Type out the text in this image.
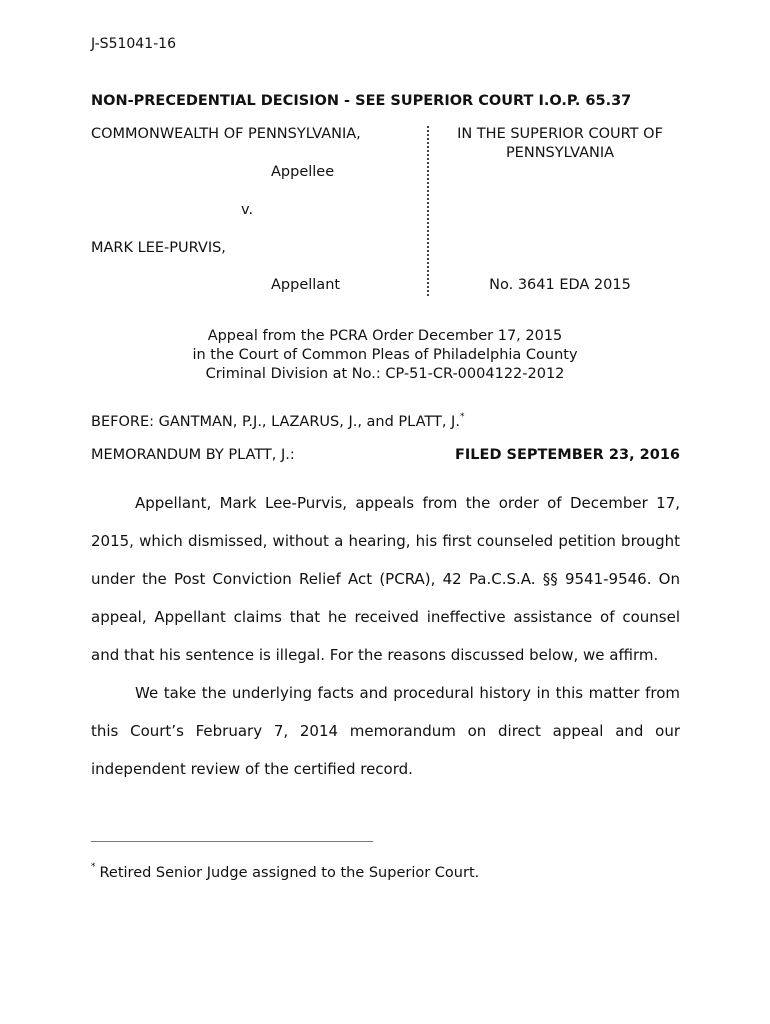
J-S51041-16
NON-PRECEDENTIAL DECISION - SEE SUPERIOR COURT I.O.P. 65.37
COMMONWEALTH OF PENNSYLVANIA,
Appellee
v.
MARK LEE-PURVIS,
Appellant
IN THE SUPERIOR COURT OF
PENNSYLVANIA
No. 3641 EDA 2015
Appeal from the PCRA Order December 17, 2015
in the Court of Common Pleas of Philadelphia County
Criminal Division at No.: CP-51-CR-0004122-2012
BEFORE: GANTMAN, P.J., LAZARUS, J., and PLATT, J.*
MEMORANDUM BY PLATT, J.:	FILED SEPTEMBER 23, 2016

Appellant, Mark Lee-Purvis, appeals from the order of December 17, 2015, which dismissed, without a hearing, his first counseled petition brought under the Post Conviction Relief Act (PCRA), 42 Pa.C.S.A. §§ 9541-9546. On appeal, Appellant claims that he received ineffective assistance of counsel and that his sentence is illegal. For the reasons discussed below, we affirm.

We take the underlying facts and procedural history in this matter from this Court’s February 7, 2014 memorandum on direct appeal and our independent review of the certified record.

* Retired Senior Judge assigned to the Superior Court.
